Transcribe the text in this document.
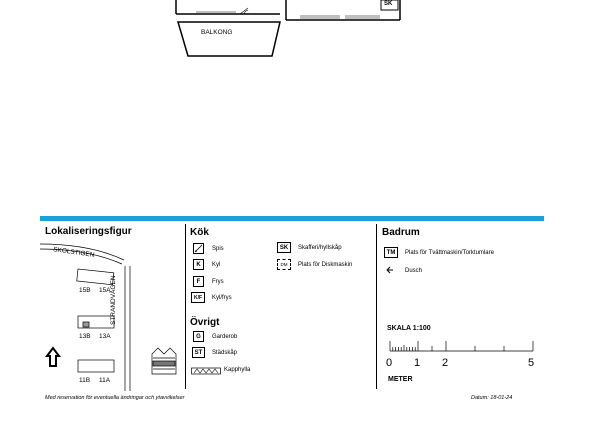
BALKONG
SK
Lokaliseringsfigur
SKOLSTIGEN
STRANDVÄGEN
15B 15A
13B 13A
11B 11A
Kök
Spis
K	Kyl
F	Frys
K/F	Kyl/frys
SK	Skafferi/hyllskåp
DM	Plats för Diskmaskin
Övrigt
G	Garderob
ST	Städskåp
Kapphylla
Badrum
TM	Plats för Tvättmaskin/Torktumlare
Dusch
SKALA 1:100
0 1 2	5
METER
Med reservation för eventuella ändringar och ytavvikelser	Datum: 18-01-24
